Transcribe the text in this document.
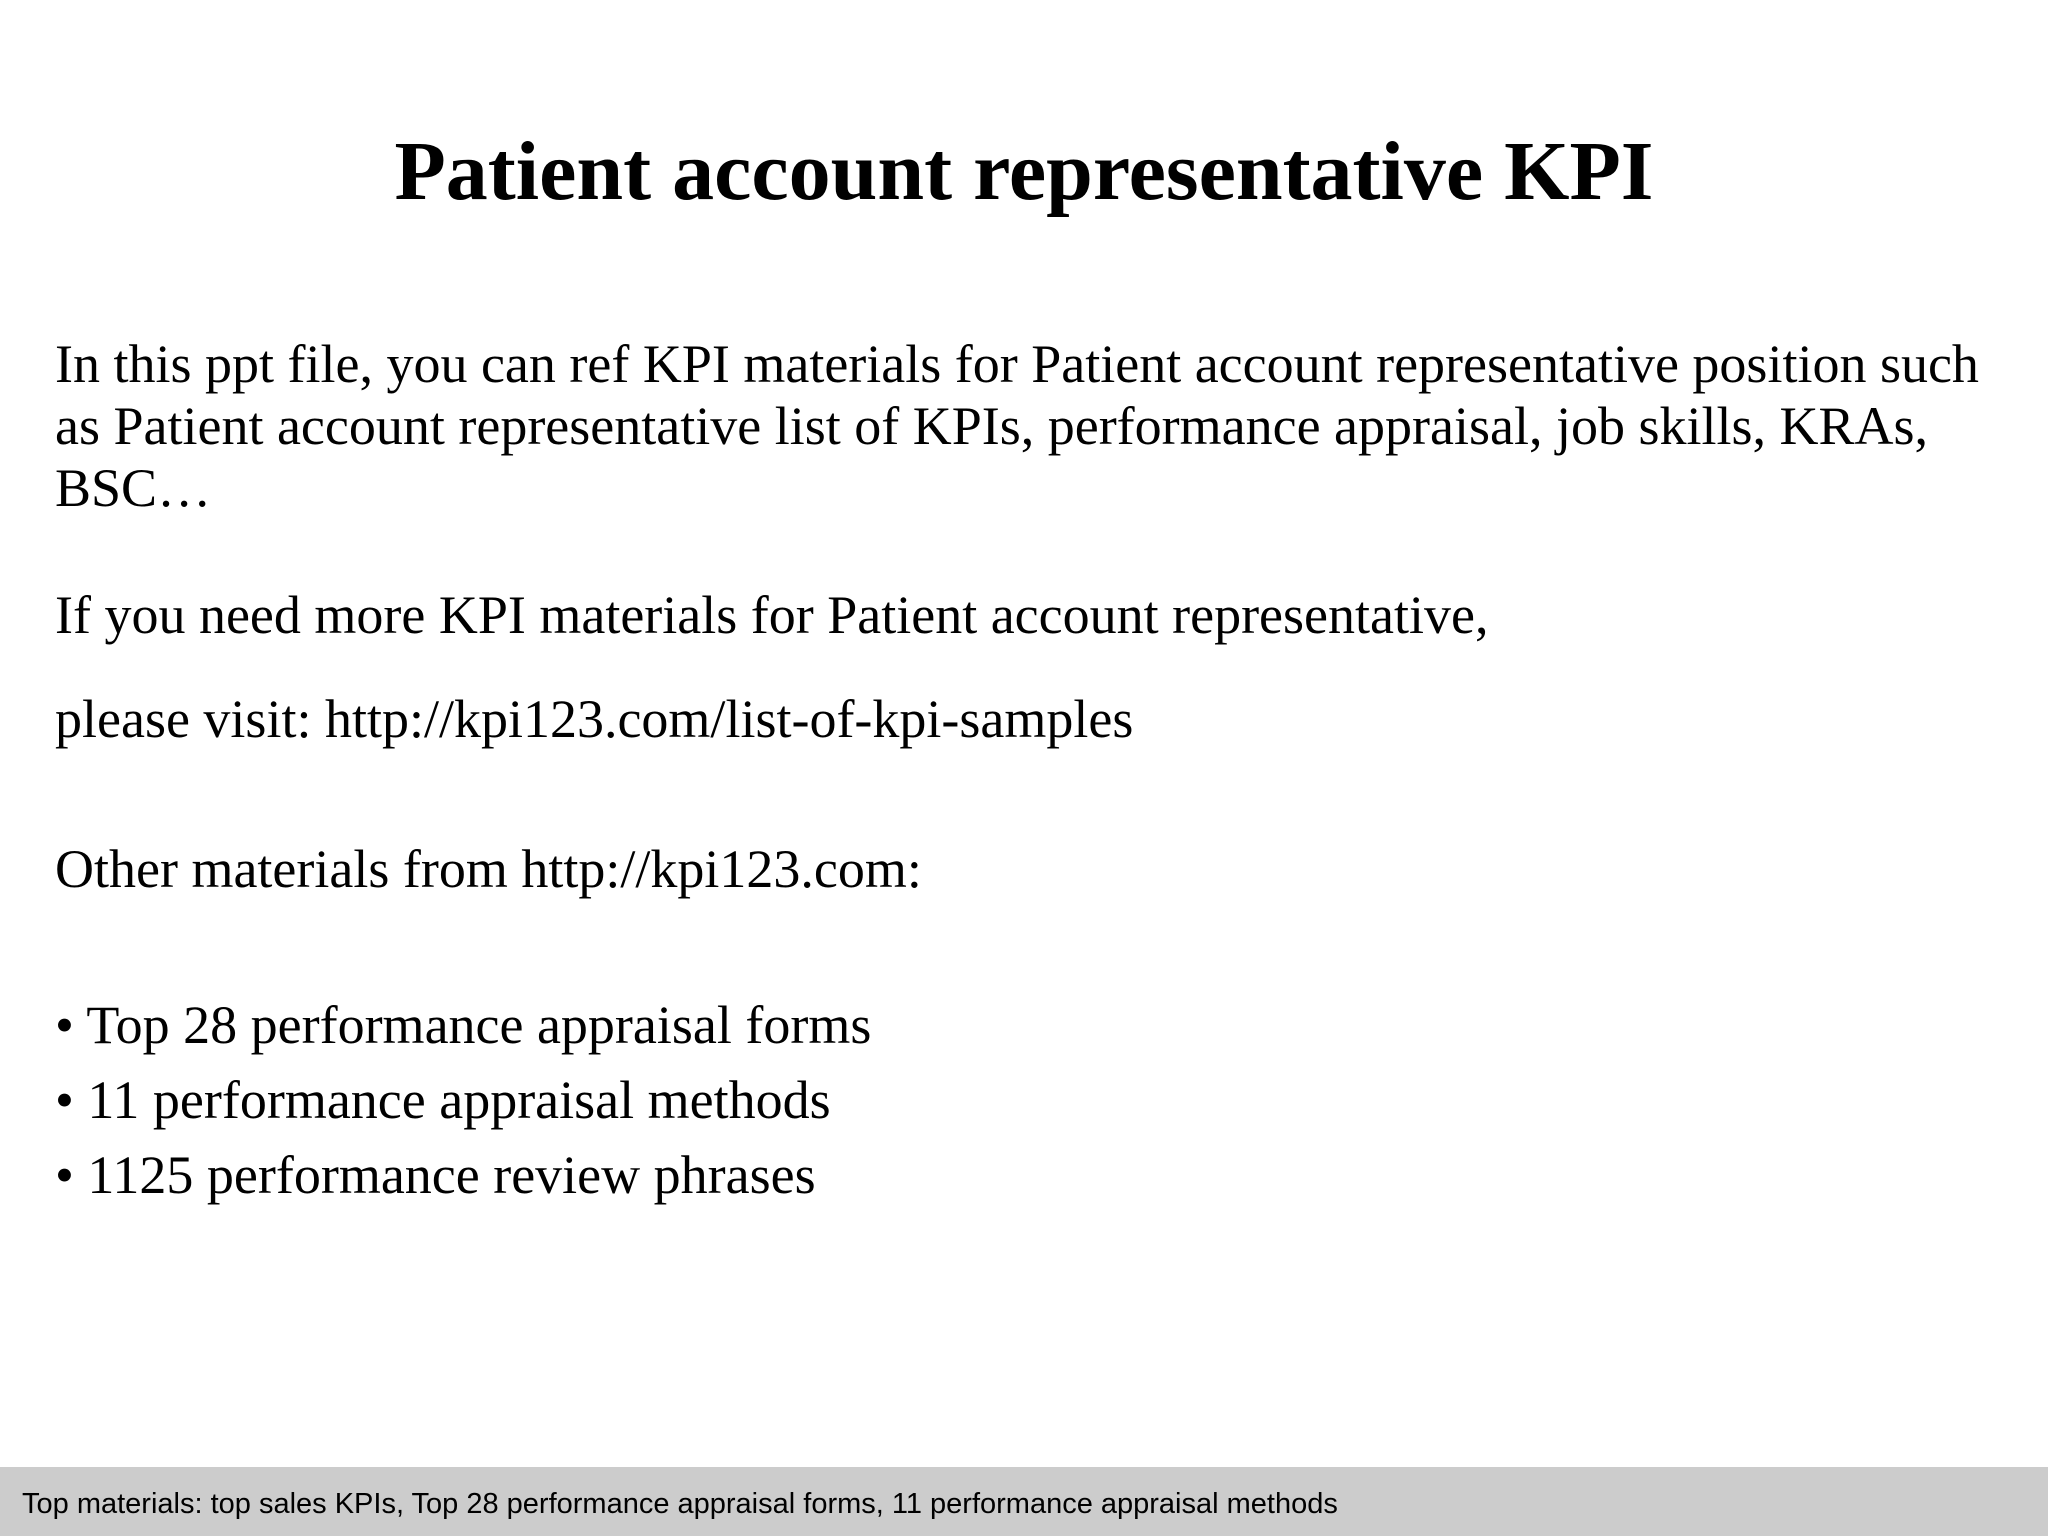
Patient account representative KPI

In this ppt file, you can ref KPI materials for Patient account representative position such as Patient account representative list of KPIs, performance appraisal, job skills, KRAs, BSC…

If you need more KPI materials for Patient account representative,

please visit: http://kpi123.com/list-of-kpi-samples

Other materials from http://kpi123.com:

• Top 28 performance appraisal forms
• 11 performance appraisal methods
• 1125 performance review phrases
Top materials: top sales KPIs, Top 28 performance appraisal forms, 11 performance appraisal methods
